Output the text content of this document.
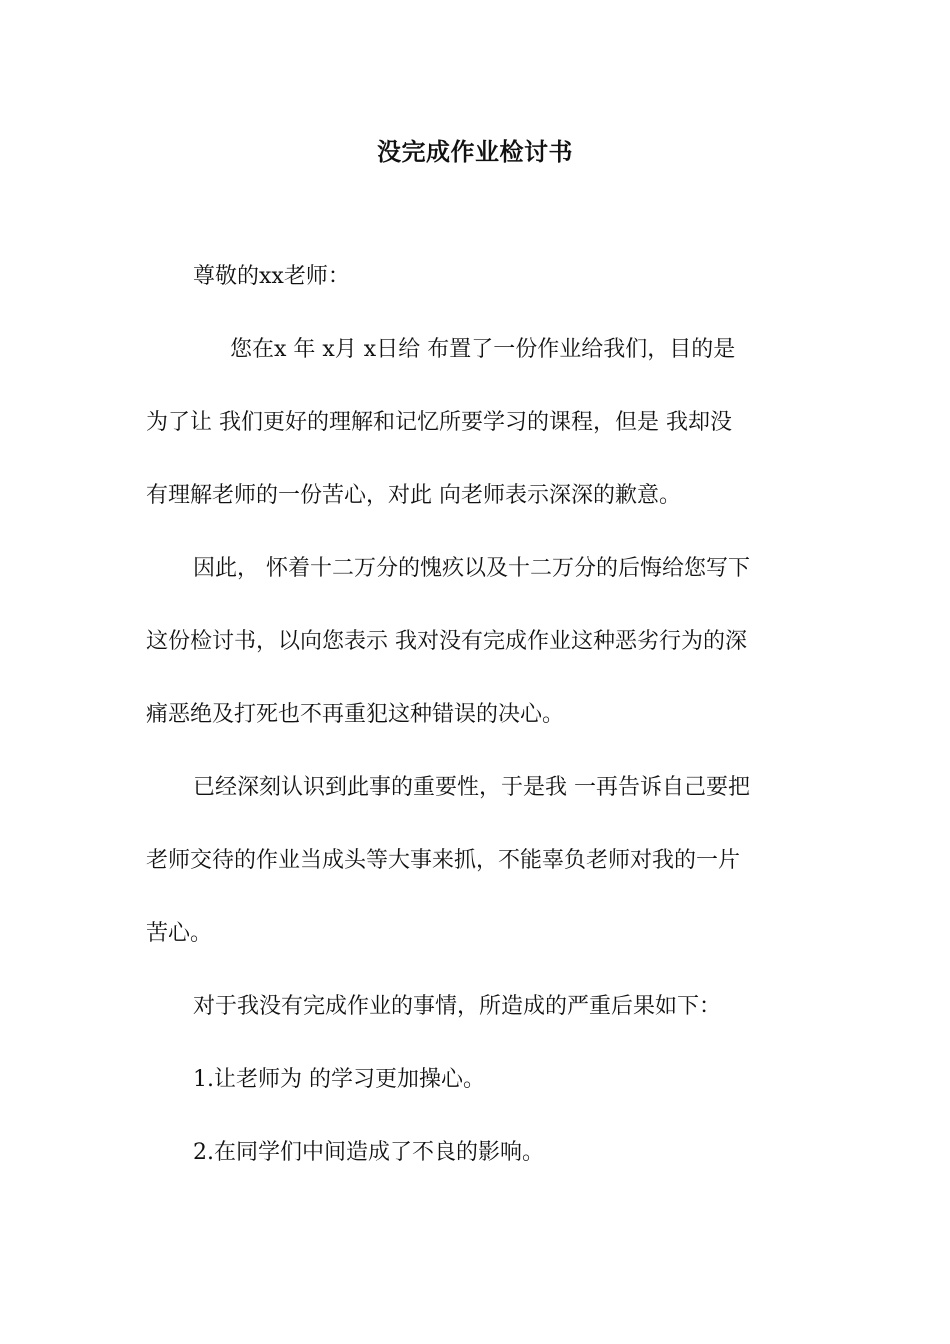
没完成作业检讨书
尊敬的xx老师：
您在x 年 x月 x日给 布置了一份作业给我们，目的是
为了让 我们更好的理解和记忆所要学习的课程，但是 我却没
有理解老师的一份苦心，对此 向老师表示深深的歉意。
因此， 怀着十二万分的愧疚以及十二万分的后悔给您写下
这份检讨书，以向您表示 我对没有完成作业这种恶劣行为的深
痛恶绝及打死也不再重犯这种错误的决心。
已经深刻认识到此事的重要性，于是我 一再告诉自己要把
老师交待的作业当成头等大事来抓，不能辜负老师对我的一片
苦心。
对于我没有完成作业的事情，所造成的严重后果如下：
1.让老师为 的学习更加操心。
2.在同学们中间造成了不良的影响。
